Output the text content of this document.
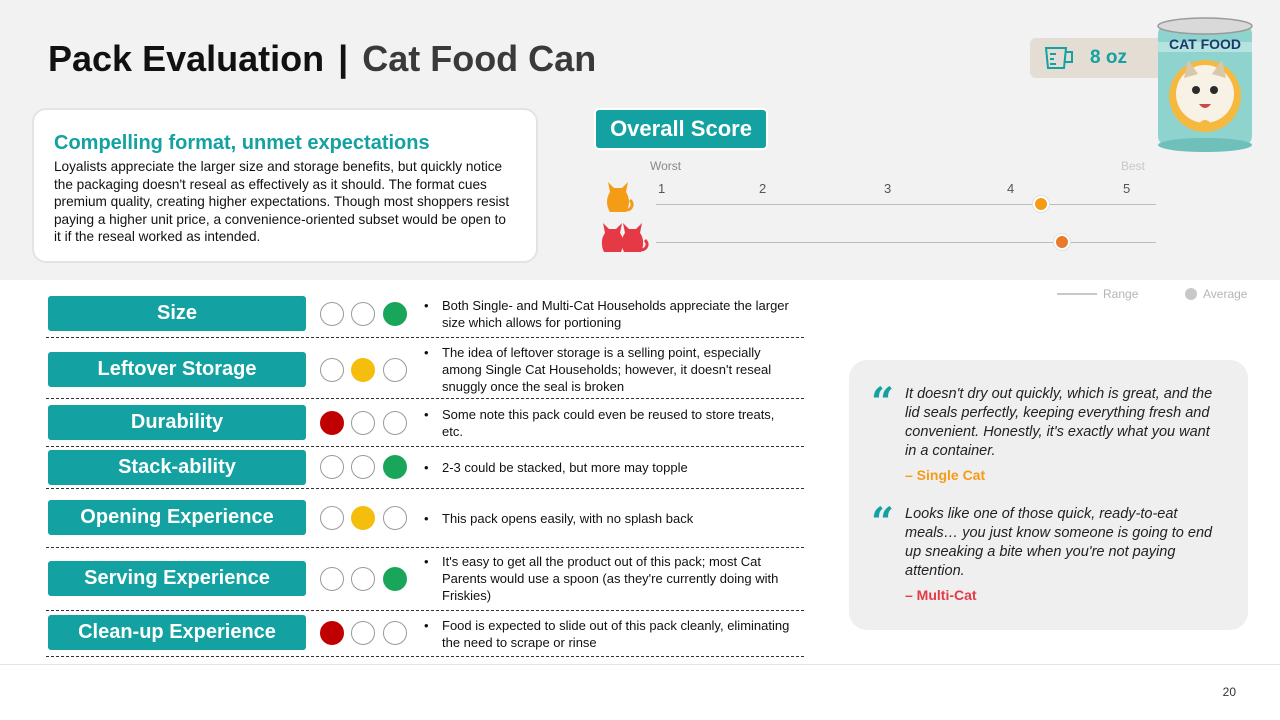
Pack Evaluation | Cat Food Can	8 oz
CAT FOOD
Compelling format, unmet expectations
Loyalists appreciate the larger size and storage benefits, but quickly notice the packaging doesn't reseal as effectively as it should. The format cues premium quality, creating higher expectations. Though most shoppers resist paying a higher unit price, a convenience-oriented subset would be open to it if the reseal worked as intended.
Overall Score
Worst	Best
1	2	3	4	5
Range	Average
Size	• Both Single- and Multi-Cat Households appreciate the larger size which allows for portioning
Leftover Storage
• The idea of leftover storage is a selling point, especially among Single Cat Households; however, it doesn't reseal snuggly once the seal is broken
Durability	• Some note this pack could even be reused to store treats, etc.
Stack-ability	• 2-3 could be stacked, but more may topple
Opening Experience	• This pack opens easily, with no splash back
Serving Experience
• It's easy to get all the product out of this pack; most Cat Parents would use a spoon (as they're currently doing with Friskies)
Clean-up Experience	• Food is expected to slide out of this pack cleanly, eliminating the need to scrape or rinse
“ It doesn't dry out quickly, which is great, and the lid seals perfectly, keeping everything fresh and convenient. Honestly, it's exactly what you want in a container.
– Single Cat
“ Looks like one of those quick, ready-to-eat meals… you just know someone is going to end up sneaking a bite when you're not paying attention.
– Multi-Cat
20
